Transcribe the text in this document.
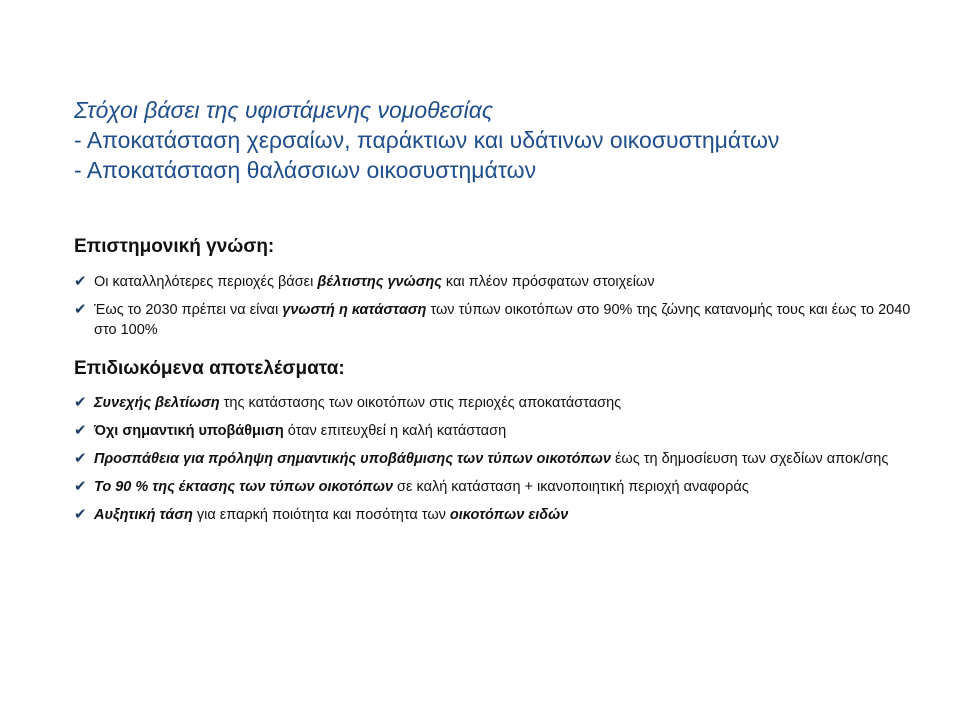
Στόχοι βάσει της υφιστάμενης νομοθεσίας
- Αποκατάσταση χερσαίων, παράκτιων και υδάτινων οικοσυστημάτων
- Αποκατάσταση θαλάσσιων οικοσυστημάτων
Επιστημονική γνώση:
✔ Οι καταλληλότερες περιοχές βάσει βέλτιστης γνώσης και πλέον πρόσφατων στοιχείων
✔ Έως το 2030 πρέπει να είναι γνωστή η κατάσταση των τύπων οικοτόπων στο 90% της ζώνης κατανομής τους και έως το 2040 στο 100%
Επιδιωκόμενα αποτελέσματα:
✔ Συνεχής βελτίωση της κατάστασης των οικοτόπων στις περιοχές αποκατάστασης
✔ Όχι σημαντική υποβάθμιση όταν επιτευχθεί η καλή κατάσταση
✔ Προσπάθεια για πρόληψη σημαντικής υποβάθμισης των τύπων οικοτόπων έως τη δημοσίευση των σχεδίων αποκ/σης
✔ Το 90 % της έκτασης των τύπων οικοτόπων σε καλή κατάσταση + ικανοποιητική περιοχή αναφοράς
✔ Αυξητική τάση για επαρκή ποιότητα και ποσότητα των οικοτόπων ειδών
